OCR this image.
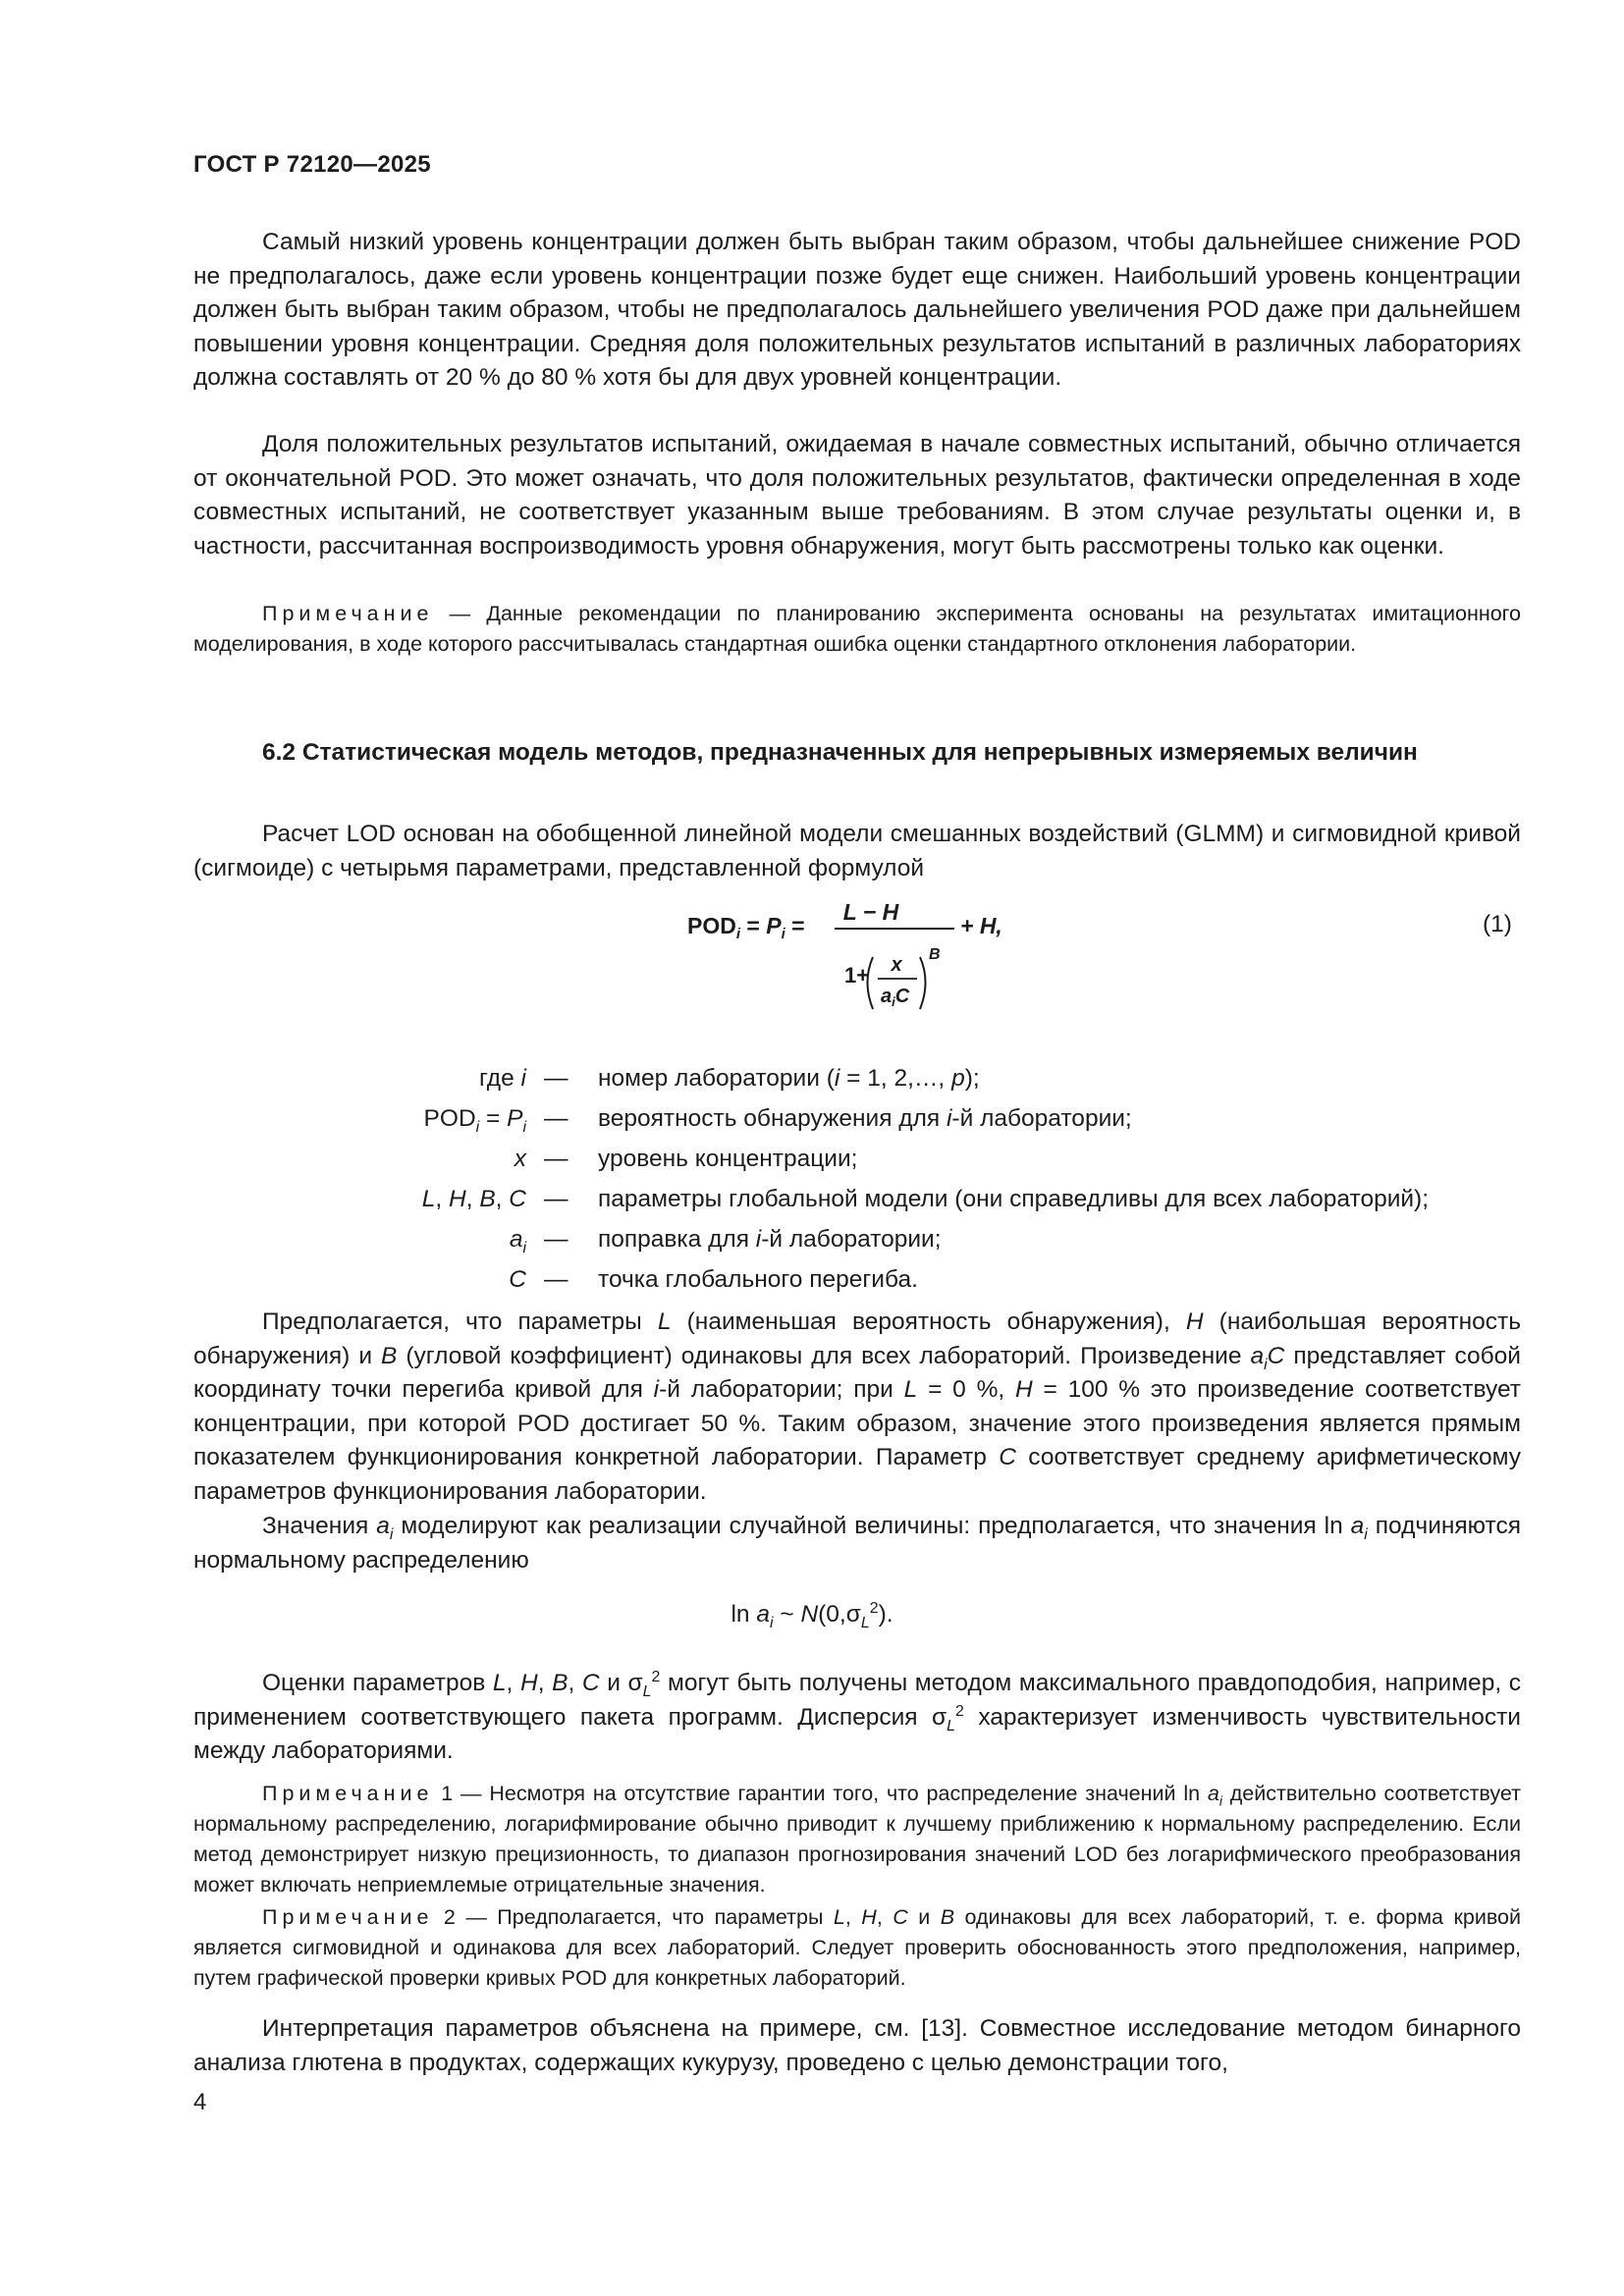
ГОСТ Р 72120—2025

Самый низкий уровень концентрации должен быть выбран таким образом, чтобы дальнейшее снижение POD не предполагалось, даже если уровень концентрации позже будет еще снижен. Наибольший уровень концентрации должен быть выбран таким образом, чтобы не предполагалось дальнейшего увеличения POD даже при дальнейшем повышении уровня концентрации. Средняя доля положительных результатов испытаний в различных лабораториях должна составлять от 20 % до 80 % хотя бы для двух уровней концентрации.

Доля положительных результатов испытаний, ожидаемая в начале совместных испытаний, обычно отличается от окончательной POD. Это может означать, что доля положительных результатов, фактически определенная в ходе совместных испытаний, не соответствует указанным выше требованиям. В этом случае результаты оценки и, в частности, рассчитанная воспроизводимость уровня обнаружения, могут быть рассмотрены только как оценки.

Примечание — Данные рекомендации по планированию эксперимента основаны на результатах имитационного моделирования, в ходе которого рассчитывалась стандартная ошибка оценки стандартного отклонения лаборатории.

6.2 Статистическая модель методов, предназначенных для непрерывных измеряемых величин

Расчет LOD основан на обобщенной линейной модели смешанных воздействий (GLMM) и сигмовидной кривой (сигмоиде) с четырьмя параметрами, представленной формулой

$POD_i = P_i$ =
L − H
1+ x
$a_iC$
B
+ H,	(1)
где i — номер лаборатории (i = 1, 2,…, p);
$POD_i = P_i$ — вероятность обнаружения для i-й лаборатории;
x — уровень концентрации;
L, H, B, C — параметры глобальной модели (они справедливы для всех лабораторий);
$a_i$ — поправка для i-й лаборатории;
C — точка глобального перегиба.

Предполагается, что параметры L (наименьшая вероятность обнаружения), H (наибольшая вероятность обнаружения) и B (угловой коэффициент) одинаковы для всех лабораторий. Произведение $a_iC$ представляет собой координату точки перегиба кривой для i-й лаборатории; при L = 0 %, H = 100 % это произведение соответствует концентрации, при которой POD достигает 50 %. Таким образом, значение этого произведения является прямым показателем функционирования конкретной лаборатории. Параметр C соответствует среднему арифметическому параметров функционирования лаборатории.

Значения $a_i$ моделируют как реализации случайной величины: предполагается, что значения $\ln a_i$ подчиняются нормальному распределению

$\ln a_i$ ~ $N(0,\sigma_L^2)$.

Оценки параметров L, H, B, C и $\sigma_L^2$ могут быть получены методом максимального правдоподобия, например, с применением соответствующего пакета программ. Дисперсия $\sigma_L^2$ характеризует изменчивость чувствительности между лабораториями.

Примечание 1 — Несмотря на отсутствие гарантии того, что распределение значений $\ln a_i$ действительно соответствует нормальному распределению, логарифмирование обычно приводит к лучшему приближению к нормальному распределению. Если метод демонстрирует низкую прецизионность, то диапазон прогнозирования значений LOD без логарифмического преобразования может включать неприемлемые отрицательные значения.

Примечание 2 — Предполагается, что параметры L, H, C и B одинаковы для всех лабораторий, т. е. форма кривой является сигмовидной и одинакова для всех лабораторий. Следует проверить обоснованность этого предположения, например, путем графической проверки кривых POD для конкретных лабораторий.

Интерпретация параметров объяснена на примере, см. [13]. Совместное исследование методом бинарного анализа глютена в продуктах, содержащих кукурузу, проведено с целью демонстрации того,

4
